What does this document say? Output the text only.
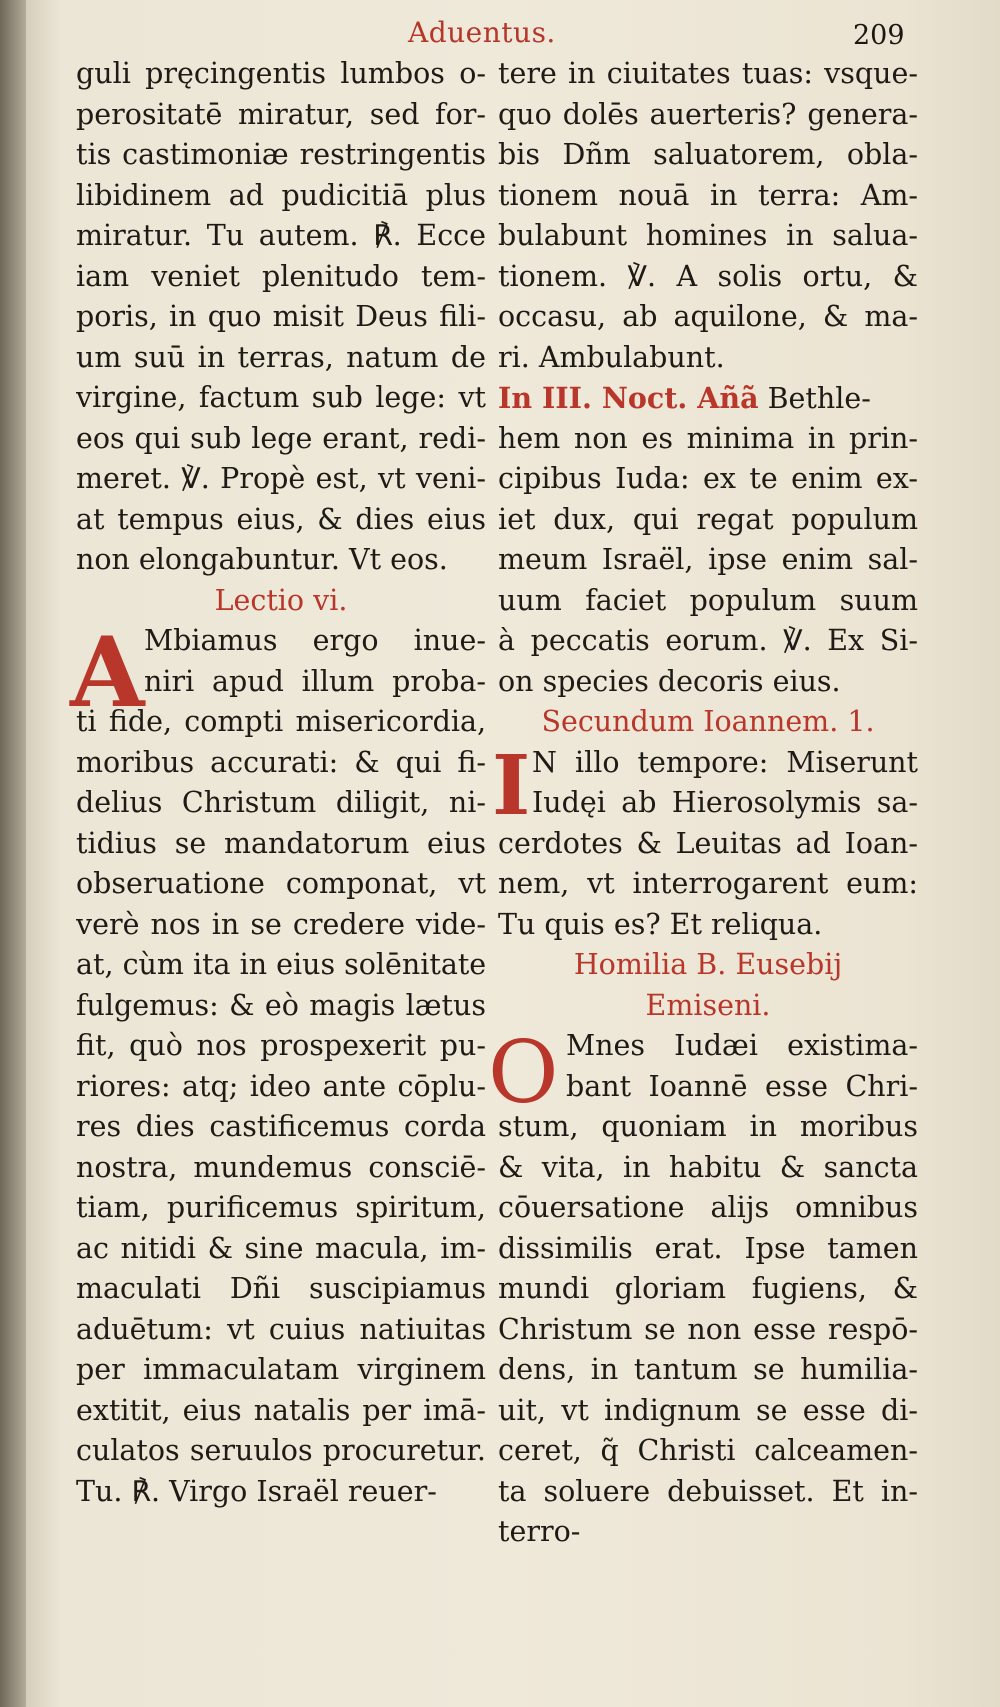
Aduentus.	209
guli pręcingentis lumbos o-
perositatē miratur, sed for-
tis castimoniæ restringentis
libidinem ad pudicitiā plus
miratur. Tu autem. ℟. Ecce
iam veniet plenitudo tem-
poris, in quo misit Deus fili-
um suū in terras, natum de
virgine, factum sub lege: vt
eos qui sub lege erant, redi-
meret. ℣. Propè est, vt veni-
at tempus eius, & dies eius
non elongabuntur. Vt eos.
Lectio vi.
A Mbiamus ergo inue-
niri apud illum proba-
ti fide, compti misericordia,
moribus accurati: & qui fi-
delius Christum diligit, ni-
tidius se mandatorum eius
obseruatione componat, vt
verè nos in se credere vide-
at, cùm ita in eius solēnitate
fulgemus: & eò magis lætus
fit, quò nos prospexerit pu-
riores: atq; ideo ante cōplu-
res dies castificemus corda
nostra, mundemus consciē-
tiam, purificemus spiritum,
ac nitidi & sine macula, im-
maculati Dñi suscipiamus
aduētum: vt cuius natiuitas
per immaculatam virginem
extitit, eius natalis per imā-
culatos seruulos procuretur.
Tu. ℟. Virgo Israël reuer-
tere in ciuitates tuas: vsque-
quo dolēs auerteris? genera-
bis Dñm saluatorem, obla-
tionem nouā in terra: Am-
bulabunt homines in salua-
tionem. ℣. A solis ortu, &
occasu, ab aquilone, & ma-
ri. Ambulabunt.
In III. Noct. Añã Bethle-
hem non es minima in prin-
cipibus Iuda: ex te enim ex-
iet dux, qui regat populum
meum Israël, ipse enim sal-
uum faciet populum suum
à peccatis eorum. ℣. Ex Si-
on species decoris eius.
Secundum Ioannem. 1.
I N illo tempore: Miserunt
Iudęi ab Hierosolymis sa-
cerdotes & Leuitas ad Ioan-
nem, vt interrogarent eum:
Tu quis es? Et reliqua.
Homilia B. Eusebij
Emiseni.
O Mnes Iudæi existima-
bant Ioannē esse Chri-
stum, quoniam in moribus
& vita, in habitu & sancta
cōuersatione alijs omnibus
dissimilis erat. Ipse tamen
mundi gloriam fugiens, &
Christum se non esse respō-
dens, in tantum se humilia-
uit, vt indignum se esse di-
ceret, q̃ Christi calceamen-
ta soluere debuisset. Et in-
terro-
